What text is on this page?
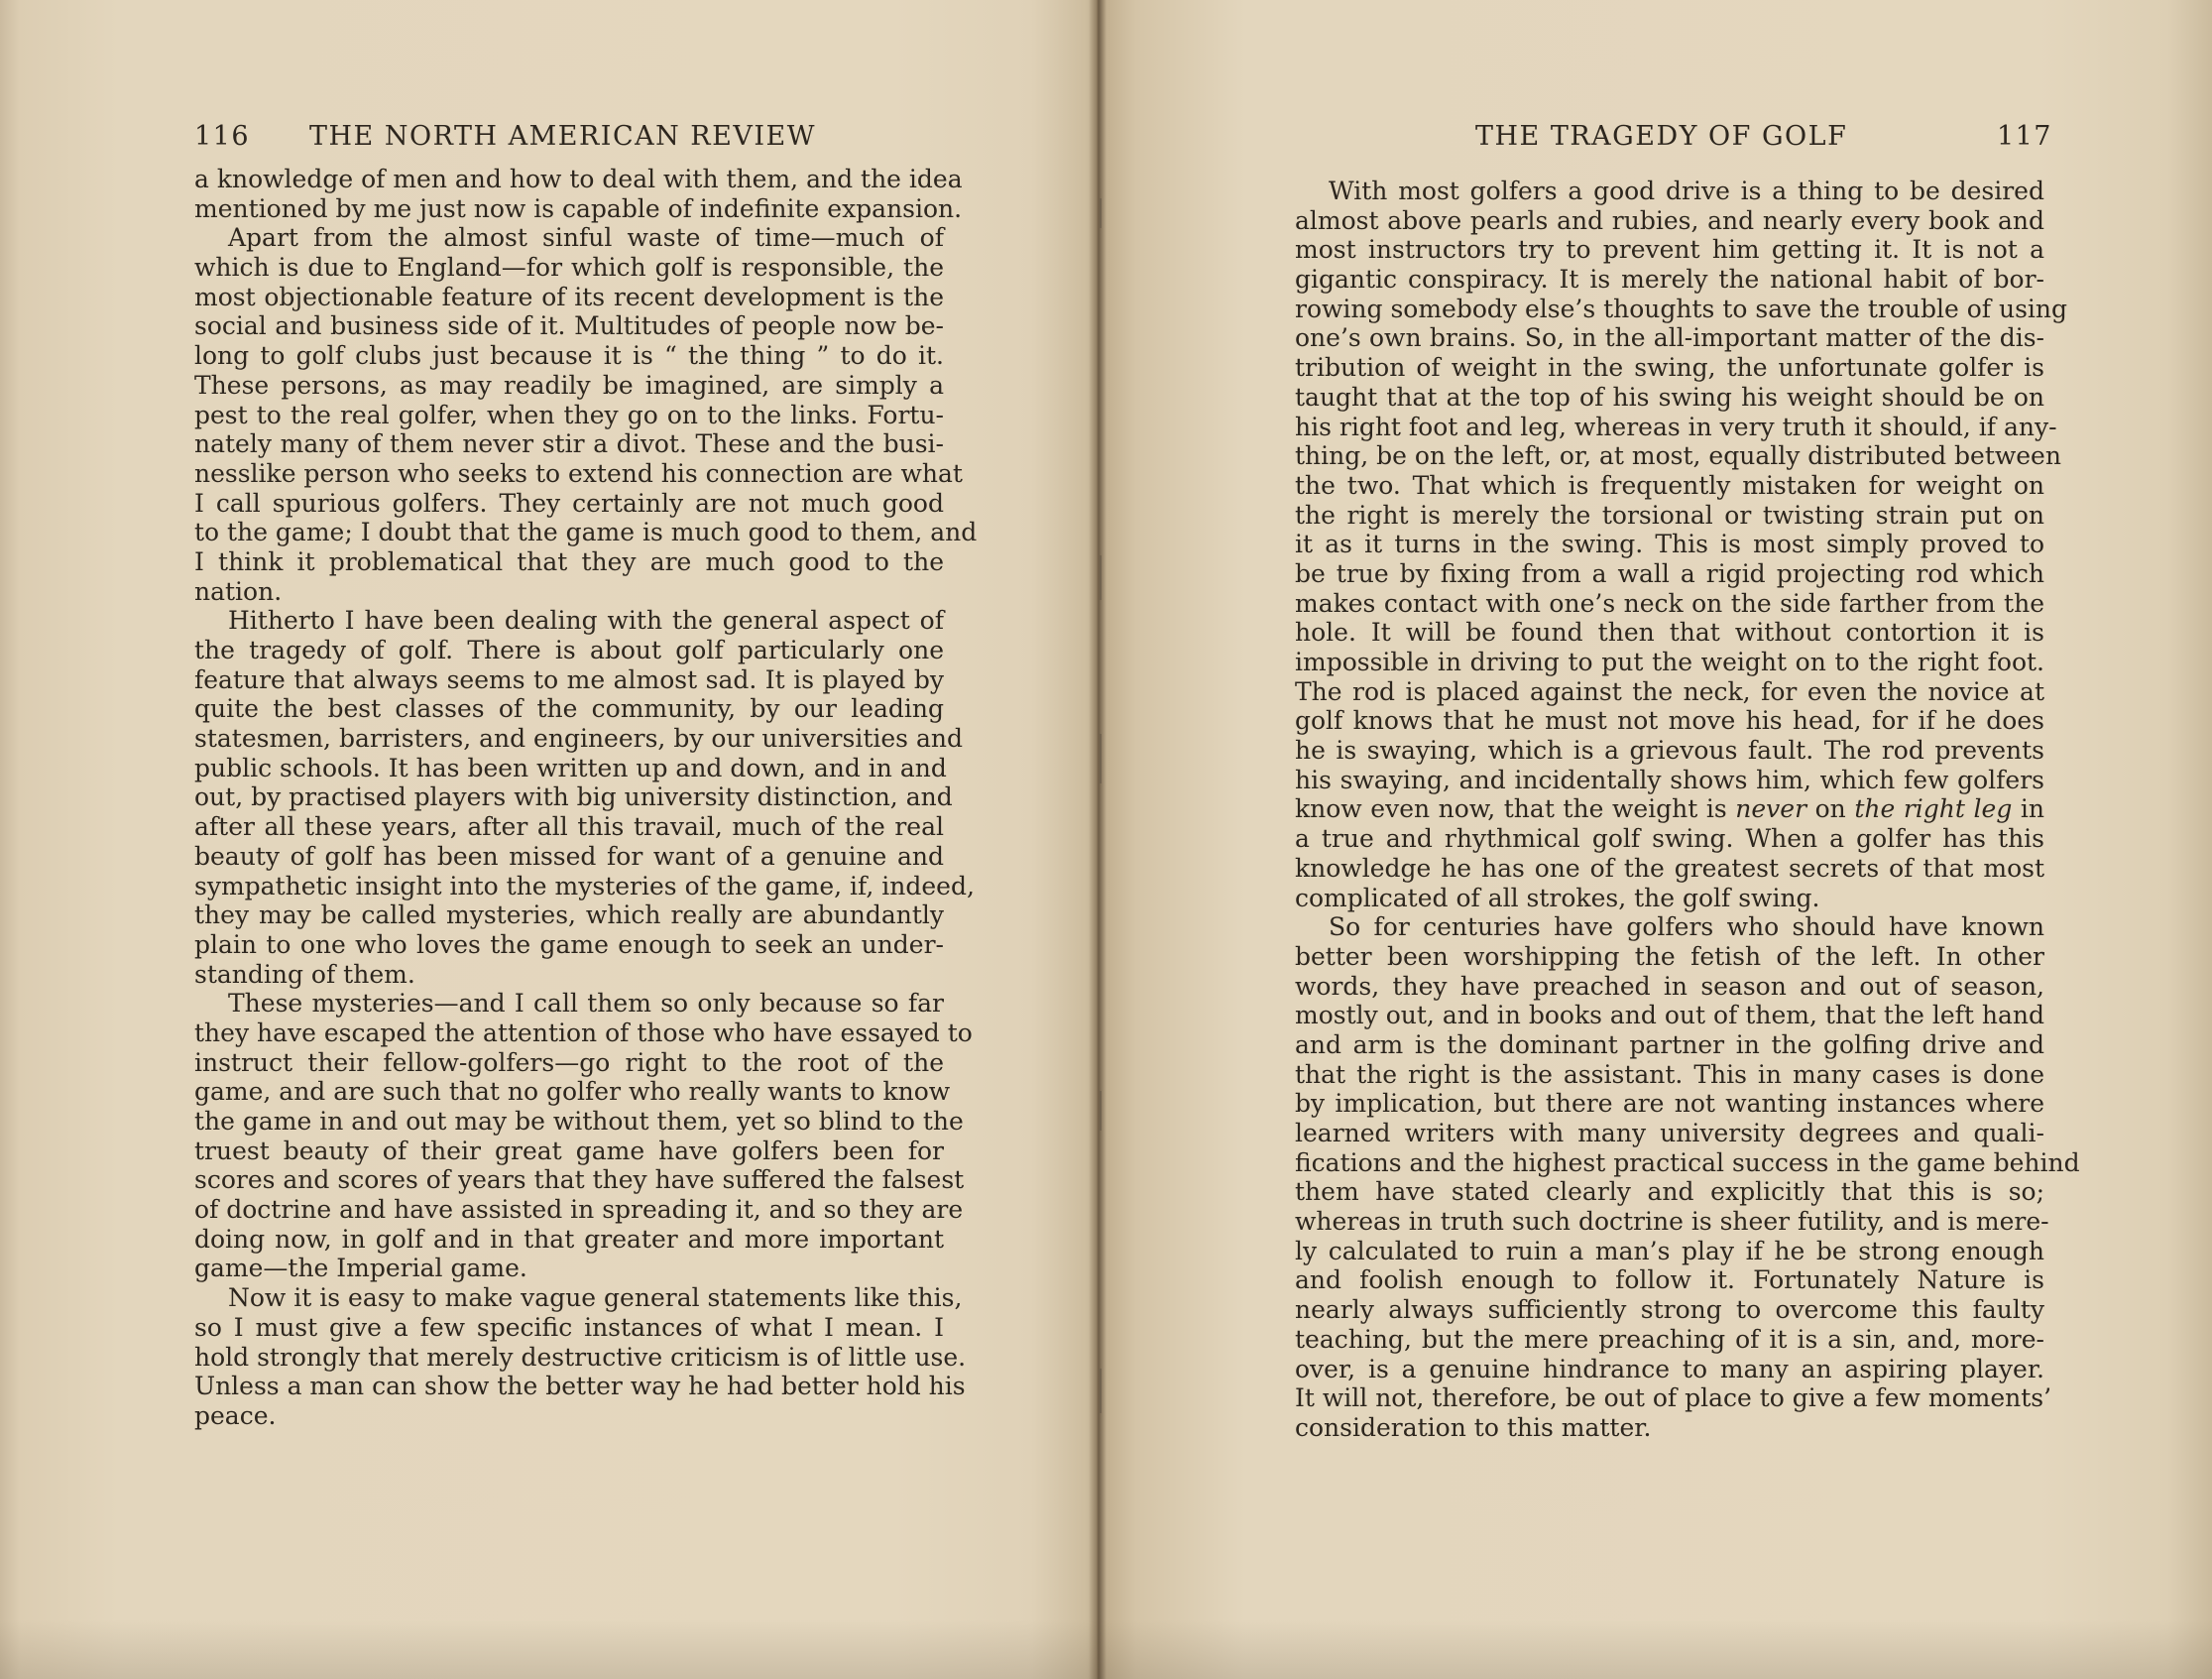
116 THE NORTH AMERICAN REVIEW
a knowledge of men and how to deal with them, and the idea
mentioned by me just now is capable of indefinite expansion.
Apart from the almost sinful waste of time—much of
which is due to England—for which golf is responsible, the
most objectionable feature of its recent development is the
social and business side of it. Multitudes of people now be-
long to golf clubs just because it is “ the thing ” to do it.
These persons, as may readily be imagined, are simply a
pest to the real golfer, when they go on to the links. Fortu-
nately many of them never stir a divot. These and the busi-
nesslike person who seeks to extend his connection are what
I call spurious golfers. They certainly are not much good
to the game; I doubt that the game is much good to them, and
I think it problematical that they are much good to the
nation.
Hitherto I have been dealing with the general aspect of
the tragedy of golf. There is about golf particularly one
feature that always seems to me almost sad. It is played by
quite the best classes of the community, by our leading
statesmen, barristers, and engineers, by our universities and
public schools. It has been written up and down, and in and
out, by practised players with big university distinction, and
after all these years, after all this travail, much of the real
beauty of golf has been missed for want of a genuine and
sympathetic insight into the mysteries of the game, if, indeed,
they may be called mysteries, which really are abundantly
plain to one who loves the game enough to seek an under-
standing of them.
These mysteries—and I call them so only because so far
they have escaped the attention of those who have essayed to
instruct their fellow-golfers—go right to the root of the
game, and are such that no golfer who really wants to know
the game in and out may be without them, yet so blind to the
truest beauty of their great game have golfers been for
scores and scores of years that they have suffered the falsest
of doctrine and have assisted in spreading it, and so they are
doing now, in golf and in that greater and more important
game—the Imperial game.
Now it is easy to make vague general statements like this,
so I must give a few specific instances of what I mean. I
hold strongly that merely destructive criticism is of little use.
Unless a man can show the better way he had better hold his
peace.
THE TRAGEDY OF GOLF	117
With most golfers a good drive is a thing to be desired
almost above pearls and rubies, and nearly every book and
most instructors try to prevent him getting it. It is not a
gigantic conspiracy. It is merely the national habit of bor-
rowing somebody else’s thoughts to save the trouble of using
one’s own brains. So, in the all-important matter of the dis-
tribution of weight in the swing, the unfortunate golfer is
taught that at the top of his swing his weight should be on
his right foot and leg, whereas in very truth it should, if any-
thing, be on the left, or, at most, equally distributed between
the two. That which is frequently mistaken for weight on
the right is merely the torsional or twisting strain put on
it as it turns in the swing. This is most simply proved to
be true by fixing from a wall a rigid projecting rod which
makes contact with one’s neck on the side farther from the
hole. It will be found then that without contortion it is
impossible in driving to put the weight on to the right foot.
The rod is placed against the neck, for even the novice at
golf knows that he must not move his head, for if he does
he is swaying, which is a grievous fault. The rod prevents
his swaying, and incidentally shows him, which few golfers
know even now, that the weight is never on the right leg in
a true and rhythmical golf swing. When a golfer has this
knowledge he has one of the greatest secrets of that most
complicated of all strokes, the golf swing.
So for centuries have golfers who should have known
better been worshipping the fetish of the left. In other
words, they have preached in season and out of season,
mostly out, and in books and out of them, that the left hand
and arm is the dominant partner in the golfing drive and
that the right is the assistant. This in many cases is done
by implication, but there are not wanting instances where
learned writers with many university degrees and quali-
fications and the highest practical success in the game behind
them have stated clearly and explicitly that this is so;
whereas in truth such doctrine is sheer futility, and is mere-
ly calculated to ruin a man’s play if he be strong enough
and foolish enough to follow it. Fortunately Nature is
nearly always sufficiently strong to overcome this faulty
teaching, but the mere preaching of it is a sin, and, more-
over, is a genuine hindrance to many an aspiring player.
It will not, therefore, be out of place to give a few moments’
consideration to this matter.
